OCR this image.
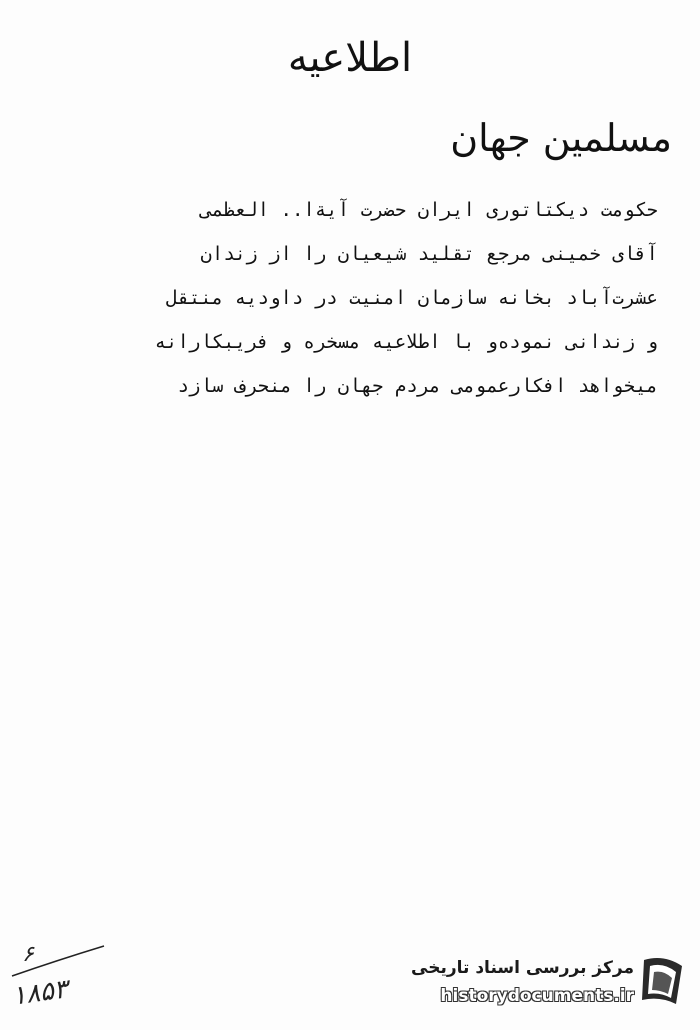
اطلاعیه
مسلمین جهان
حکومت دیکتاتوری ایران حضرت آیةا.. العظمی
آقای خمینی مرجع تقلید شیعیان را از زندان
عشرت‌آباد بخانه سازمان امنیت در داودیه منتقل
و زندانی نموده‌و با اطلاعیه مسخره و فریبکارانه
میخواهد افکارعمومی مردم جهان را منحرف سازد
۶
۱۸۵۳
مرکز بررسی اسناد تاریخی
historydocuments.ir
